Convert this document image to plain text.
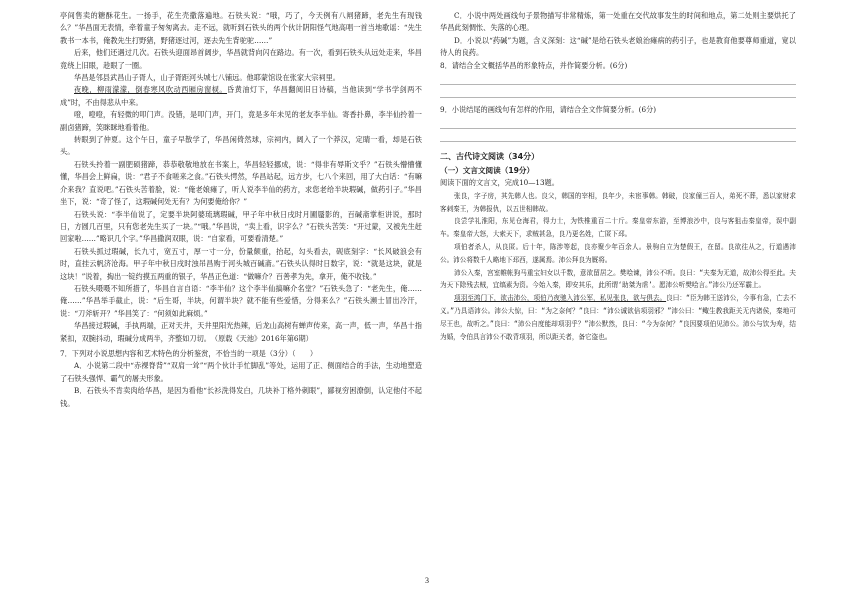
亭间售卖的糖酥花生。一扬手，花生壳撒落遍地。石铁头说：“哦，巧了，今天例有八闸猪蹄，老先生有现钱么？”华昌面无表情，牵着童子匆匆离去。走不远，就听到石铁头的两个伙计阴阳怪气地高唱一首当地歌谣：“先生教书一本书，俺教先生打野猪，野猪逐过河，逐去先生背驼驼……”

后来，他们还遇过几次。石铁头迎面昂首阔步，华昌就背向闪在路边。有一次，看到石铁头从远处走来，华昌竟绕上旧眼，趁眼了一圈。

华昌是邻县武昌山子胥人，山子胥距河头城七八铺远。他耶蒙馆设在张家大宗祠里。

夜晚，柳雨濛濛，倒春寒风吹动西厢房窗棂。昏黄油灯下，华昌翻阅旧日诗稿，当他读到“学书学剑两不成”时，不由得悲从中来。

噔，噔噔，有轻微的叩门声。没错，是叩门声，开门，竟是多年未见的老友李半仙。寄香扑鼻，李半仙拎着一副卤猪蹄，笑眯眯地看着他。

转眼到了仲夏。这个午日，童子早散学了，华昌闲倚然球，宗祠内，阔入了一个莽汉，定睛一看，却是石铁头。

石铁头拎着一副肥硕猪蹄，恭恭敬敬地放在书案上，华昌轻轻挪成，说：“得非有辱斯文乎？”石铁头懵懵懂懂，华昌会上鲜扁，说：“君子不食嗟来之食。”石铁头愕然，华昌站起，远方步，七八个来回，用了大白话：“有嘛介来我？直说吧。”石铁头苦着脸，说：“俺老娘瘫了，听人说李半仙的药方，求您老给半块瑕碱，做药引子。”华昌坐下，说：“奇了怪了，这瑕碱何处无有？为何要俺给你？”

石铁头说：“李半仙说了，定要半块阿婆琉璃瑕碱，甲子年中秋日戌时月圃蜃影的，百碱斋掌柜讲说，那时日，方圆几百里，只有您老先生买了一块。”“哦。”华昌说，“卖上看，识字么？”石铁头苦笑：“开过蒙，又被先生赶回家啦……”略识几个字。”华昌撒润双眼，说：“自家看，可要看清楚。”

石铁头抓过瑕碱，长九寸，宽五寸，厚一寸一分，份量颇重，抬起，勾头看去，砚底刻字：“长风破浪会有时，直挂云帆济沧海。甲子年中秋日戌时浊吊昌购于河头城百碱斋。”石铁头认得时日数字，说：“就是这块，就是这块！”说着，掏出一锭约摸五两重的银子，华昌正色道：“做嘛介？百善孝为先，拿开，俺不收钱。”

石铁头嗫嗫不知所措了，华昌自言自语：“李半仙？这个李半仙搞嘛介名堂？”石铁头急了：“老先生，俺……俺……”华昌举手截止，说：“后生哥，半块，何谓半块？就不能有些爱惜，分得来么？”石铁头濒士冒出冷汗，说：“刀斧斩开？”华昌笑了：“何须如此麻烦。”

华昌接过瑕碱，手执两端，正对天井，天井里阳光热辣，后龙山高树有蝉声传来，高一声，低一声，华昌十指紧扣，双腕抖动，瑕碱分成两半，齐整如刀切。　（原载《天池》2016年第6期）

7．下列对小说思想内容和艺术特色的分析鉴赏，不恰当的一项是（3分）（　　）

A．小说第二段中“赤裸脊背”“双肩一耸”“两个伙计手忙脚乱”等处，运用了正、侧面结合的手法，生动地塑造了石铁头强悍、霸气的屠夫形象。

B．石铁头不肯卖肉给华昌，是因为看他“长衫洗得发白，几块补丁格外刺眼”，鄙视穷困潦倒，认定他付不起钱。

C．小说中两处画线句子景物描写非常精炼，第一处重在交代故事发生的时间和地点，第二处则主要烘托了华昌此刻惆怅、失落的心理。

D．小说以“药碱”为题，含义深刻：这“碱”是给石铁头老娘治瘫病的药引子，也是教育他要尊师重道，宽以待人的良药。

8．请结合全文概括华昌的形象特点，并作简要分析。(6分)

9．小说结尾的画线句有怎样的作用，请结合全文作简要分析。(6分)

二、古代诗文阅读（34分）
（一）文言文阅读（19分）

阅读下面的文言文，完成10—13题。

张良，字子房，其先韩人也。良父，韩国的宰相，良年少，未宦事韩。韩破，良家僮三百人，弟死不葬，悉以家财求客刺秦王，为韩报仇，以五世相韩故。

良尝学礼淮阳，东见仓海君，得力士，为铁椎重百二十斤。秦皇帝东游，至博浪沙中，良与客狙击秦皇帝，误中副车。秦皇帝大怒，大索天下，求贼甚急，良乃更名姓，亡匿下邳。

项伯者杀人，从良匿。后十年，陈涉等起，良亦聚少年百余人。景驹自立为楚假王，在留。良欲往从之，行道遇沛公。沛公将数千人略地下邳西，遂属焉。沛公拜良为厩将。

沛公入秦，宫室帷帐狗马重宝妇女以千数，意欲留居之。樊哙谏，沛公不听。良曰：“夫秦为无道，故沛公得至此。夫为天下除残去贼，宜缟素为资。今始入秦，即安其乐，此所谓‘助桀为虐’。愿沛公听樊哙言。”沛公乃还军霸上。

项羽至鸿门下，欲击沛公，项伯乃夜驰入沛公军，私见张良，欲与俱去。良曰：“臣为韩王送沛公，今事有急，亡去不义。”乃具语沛公。沛公大惊，曰：“为之奈何？”良曰：“沛公诚欲倍项羽邪？”沛公曰：“鲰生教我距关无内诸侯，秦地可尽王也，故听之。”良曰：“沛公自度能却项羽乎？”沛公默然，良曰：“今为奈何？”良因要项伯见沛公。沛公与饮为寿，结为婚，令伯具言沛公不敢背项羽，所以距关者，备它盗也。

3
